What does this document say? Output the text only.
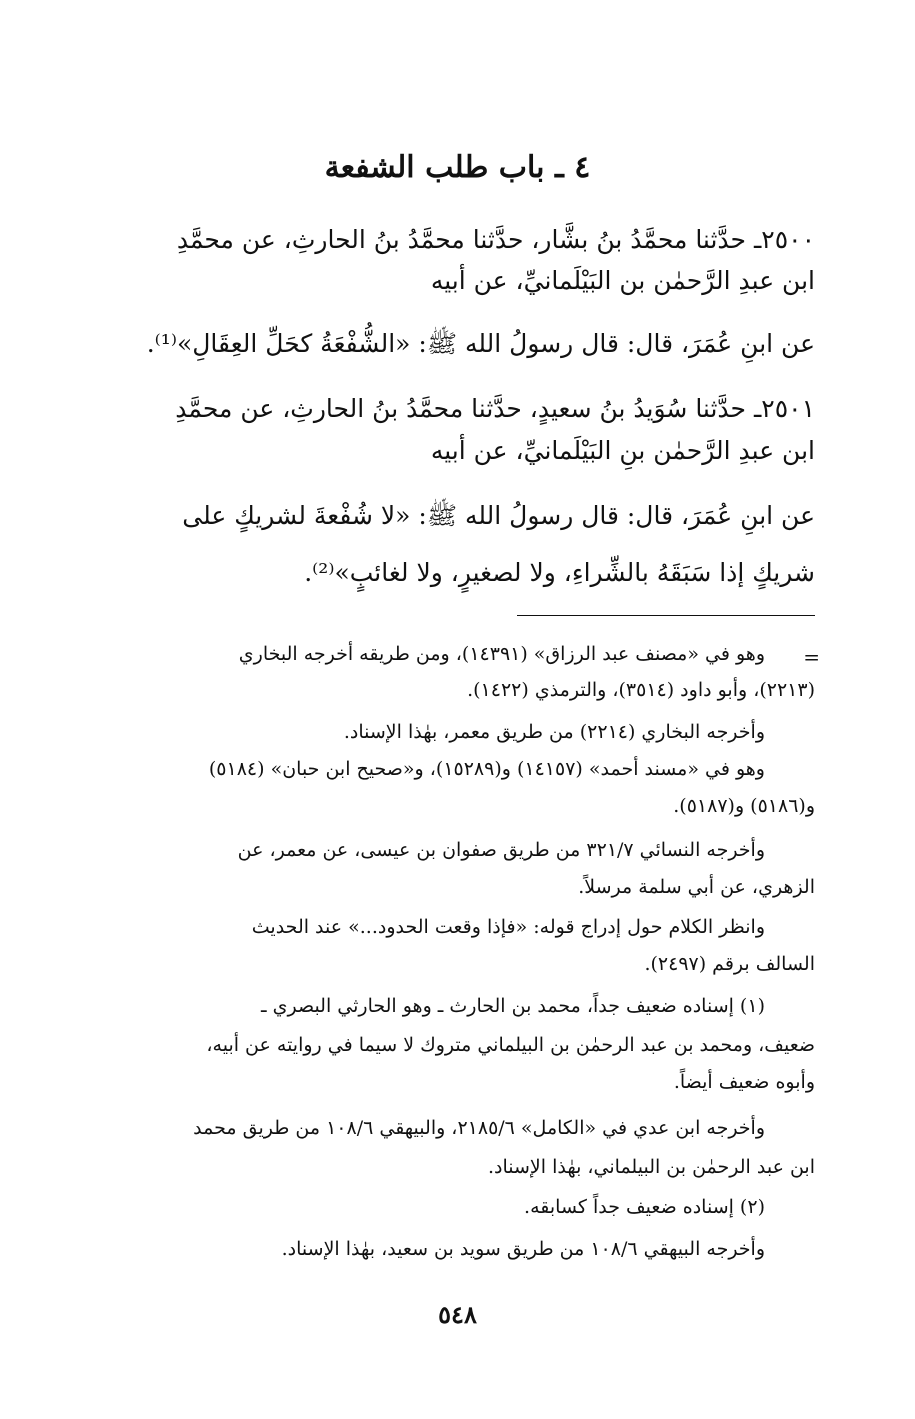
٤ ـ باب طلب الشفعة
٢٥٠٠ـ حدَّثنا محمَّدُ بنُ بشَّار، حدَّثنا محمَّدُ بنُ الحارثِ، عن محمَّدِ
ابن عبدِ الرَّحمٰن بن البَيْلَمانيِّ، عن أبيه
عن ابنِ عُمَرَ، قال: قال رسولُ الله ﷺ: «الشُّفْعَةُ كحَلِّ العِقَالِ»⁽¹⁾.
٢٥٠١ـ حدَّثنا سُوَيدُ بنُ سعيدٍ، حدَّثنا محمَّدُ بنُ الحارثِ، عن محمَّدِ
ابن عبدِ الرَّحمٰن بنِ البَيْلَمانيِّ، عن أبيه
عن ابنِ عُمَرَ، قال: قال رسولُ الله ﷺ: «لا شُفْعةَ لشريكٍ على
شريكٍ إذا سَبَقَهُ بالشِّراءِ، ولا لصغيرٍ، ولا لغائبٍ»⁽²⁾.
=
وهو في «مصنف عبد الرزاق» (١٤٣٩١)، ومن طريقه أخرجه البخاري
(٢٢١٣)، وأبو داود (٣٥١٤)، والترمذي (١٤٢٢).
وأخرجه البخاري (٢٢١٤) من طريق معمر، بهٰذا الإسناد.
وهو في «مسند أحمد» (١٤١٥٧) و(١٥٢٨٩)، و«صحيح ابن حبان» (٥١٨٤)
و(٥١٨٦) و(٥١٨٧).
وأخرجه النسائي ٣٢١/٧ من طريق صفوان بن عيسى، عن معمر، عن
الزهري، عن أبي سلمة مرسلاً.
وانظر الكلام حول إدراج قوله: «فإذا وقعت الحدود...» عند الحديث
السالف برقم (٢٤٩٧).
(١) إسناده ضعيف جداً، محمد بن الحارث ـ وهو الحارثي البصري ـ
ضعيف، ومحمد بن عبد الرحمٰن بن البيلماني متروك لا سيما في روايته عن أبيه،
وأبوه ضعيف أيضاً.
وأخرجه ابن عدي في «الكامل» ٢١٨٥/٦، والبيهقي ١٠٨/٦ من طريق محمد
ابن عبد الرحمٰن بن البيلماني، بهٰذا الإسناد.
(٢) إسناده ضعيف جداً كسابقه.
وأخرجه البيهقي ١٠٨/٦ من طريق سويد بن سعيد، بهٰذا الإسناد.
٥٤٨
